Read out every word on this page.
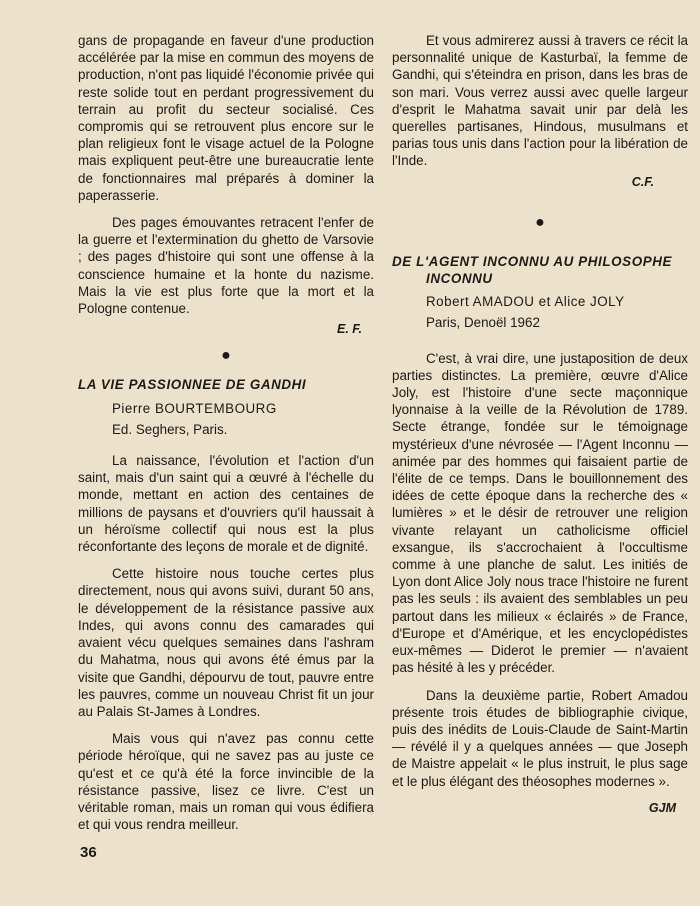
gans de propagande en faveur d'une production accélérée par la mise en commun des moyens de production, n'ont pas liquidé l'économie privée qui reste solide tout en perdant progressivement du terrain au profit du secteur socialisé. Ces compromis qui se retrouvent plus encore sur le plan religieux font le visage actuel de la Pologne mais expliquent peut-être une bureaucratie lente de fonctionnaires mal préparés à dominer la paperasserie.

Des pages émouvantes retracent l'enfer de la guerre et l'extermination du ghetto de Varsovie ; des pages d'histoire qui sont une offense à la conscience humaine et la honte du nazisme. Mais la vie est plus forte que la mort et la Pologne contenue.

E. F.
●
LA VIE PASSIONNEE DE GANDHI
Pierre BOURTEMBOURG
Ed. Seghers, Paris.

La naissance, l'évolution et l'action d'un saint, mais d'un saint qui a œuvré à l'échelle du monde, mettant en action des centaines de millions de paysans et d'ouvriers qu'il haussait à un héroïsme collectif qui nous est la plus réconfortante des leçons de morale et de dignité.

Cette histoire nous touche certes plus directement, nous qui avons suivi, durant 50 ans, le développement de la résistance passive aux Indes, qui avons connu des camarades qui avaient vécu quelques semaines dans l'ashram du Mahatma, nous qui avons été émus par la visite que Gandhi, dépourvu de tout, pauvre entre les pauvres, comme un nouveau Christ fit un jour au Palais St-James à Londres.

Mais vous qui n'avez pas connu cette période héroïque, qui ne savez pas au juste ce qu'est et ce qu'à été la force invincible de la résistance passive, lisez ce livre. C'est un véritable roman, mais un roman qui vous édifiera et qui vous rendra meilleur.

Et vous admirerez aussi à travers ce récit la personnalité unique de Kasturbaï, la femme de Gandhi, qui s'éteindra en prison, dans les bras de son mari. Vous verrez aussi avec quelle largeur d'esprit le Mahatma savait unir par delà les querelles partisanes, Hindous, musulmans et parias tous unis dans l'action pour la libération de l'Inde.

C.F.
●
DE L'AGENT INCONNU AU PHILOSOPHE
INCONNU
Robert AMADOU et Alice JOLY
Paris, Denoël 1962

C'est, à vrai dire, une justaposition de deux parties distinctes. La première, œuvre d'Alice Joly, est l'histoire d'une secte maçonnique lyonnaise à la veille de la Révolution de 1789. Secte étrange, fondée sur le témoignage mystérieux d'une névrosée — l'Agent Inconnu — animée par des hommes qui faisaient partie de l'élite de ce temps. Dans le bouillonnement des idées de cette époque dans la recherche des « lumières » et le désir de retrouver une religion vivante relayant un catholicisme officiel exsangue, ils s'accrochaient à l'occultisme comme à une planche de salut. Les initiés de Lyon dont Alice Joly nous trace l'histoire ne furent pas les seuls : ils avaient des semblables un peu partout dans les milieux « éclairés » de France, d'Europe et d'Amérique, et les encyclopédistes eux-mêmes — Diderot le premier — n'avaient pas hésité à les y précéder.

Dans la deuxième partie, Robert Amadou présente trois études de bibliographie civique, puis des inédits de Louis-Claude de Saint-Martin — révélé il y a quelques années — que Joseph de Maistre appelait « le plus instruit, le plus sage et le plus élégant des théosophes modernes ».

GJM
36
